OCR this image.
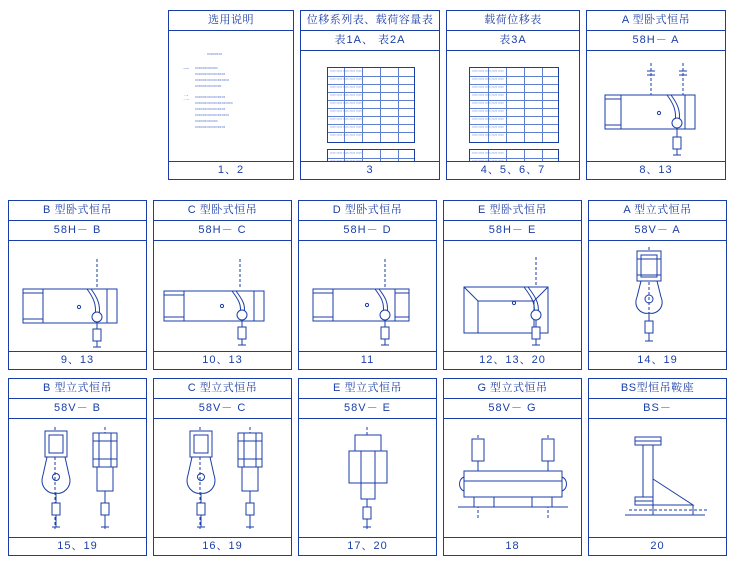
选用说明
▭▭▭▭
一 ▭▭▭▭▭▭
▭▭▭▭▭▭▭▭
▭▭▭▭▭▭▭▭▭
▭▭▭▭▭▭▭
二 ▭▭▭▭▭▭▭▭
▭▭▭▭▭▭▭▭▭▭
▭▭▭▭▭▭▭▭
▭▭▭▭▭▭▭▭▭
▭▭▭▭▭▭
▭▭▭▭▭▭▭▭
1、2
位移系列表、载荷容量表
表1A、 表2A
▭▭ ▭▭ ▭▭ ▭▭ ▭▭
▭▭ ▭▭ ▭▭ ▭▭ ▭▭
▭▭ ▭▭ ▭▭ ▭▭ ▭▭
▭▭ ▭▭ ▭▭ ▭▭ ▭▭
▭▭ ▭▭ ▭▭ ▭▭ ▭▭
▭▭ ▭▭ ▭▭ ▭▭ ▭▭
▭▭ ▭▭ ▭▭ ▭▭ ▭▭
▭▭ ▭▭ ▭▭ ▭▭ ▭▭
▭▭ ▭▭ ▭▭ ▭▭ ▭▭
▭▭ ▭▭ ▭▭ ▭▭ ▭▭
▭▭ ▭▭ ▭▭ ▭▭ ▭▭
3
载荷位移表
表3A
▭▭ ▭▭ ▭▭ ▭▭ ▭▭
▭▭ ▭▭ ▭▭ ▭▭ ▭▭
▭▭ ▭▭ ▭▭ ▭▭ ▭▭
▭▭ ▭▭ ▭▭ ▭▭ ▭▭
▭▭ ▭▭ ▭▭ ▭▭ ▭▭
▭▭ ▭▭ ▭▭ ▭▭ ▭▭
▭▭ ▭▭ ▭▭ ▭▭ ▭▭
▭▭ ▭▭ ▭▭ ▭▭ ▭▭
▭▭ ▭▭ ▭▭ ▭▭ ▭▭
▭▭ ▭▭ ▭▭ ▭▭ ▭▭
▭▭ ▭▭ ▭▭ ▭▭ ▭▭
4、5、6、7
A 型卧式恒吊
58H－ A
8、13
B 型卧式恒吊
58H－ B
9、13
C 型卧式恒吊
58H－ C
10、13
D 型卧式恒吊
58H－ D
11
E 型卧式恒吊
58H－ E
12、13、20
A 型立式恒吊
58V－ A
14、19
B 型立式恒吊
58V－ B
15、19
C 型立式恒吊
58V－ C
16、19
E 型立式恒吊
58V－ E
17、20
G 型立式恒吊
58V－ G
18
BS型恒吊鞍座
BS－
20
